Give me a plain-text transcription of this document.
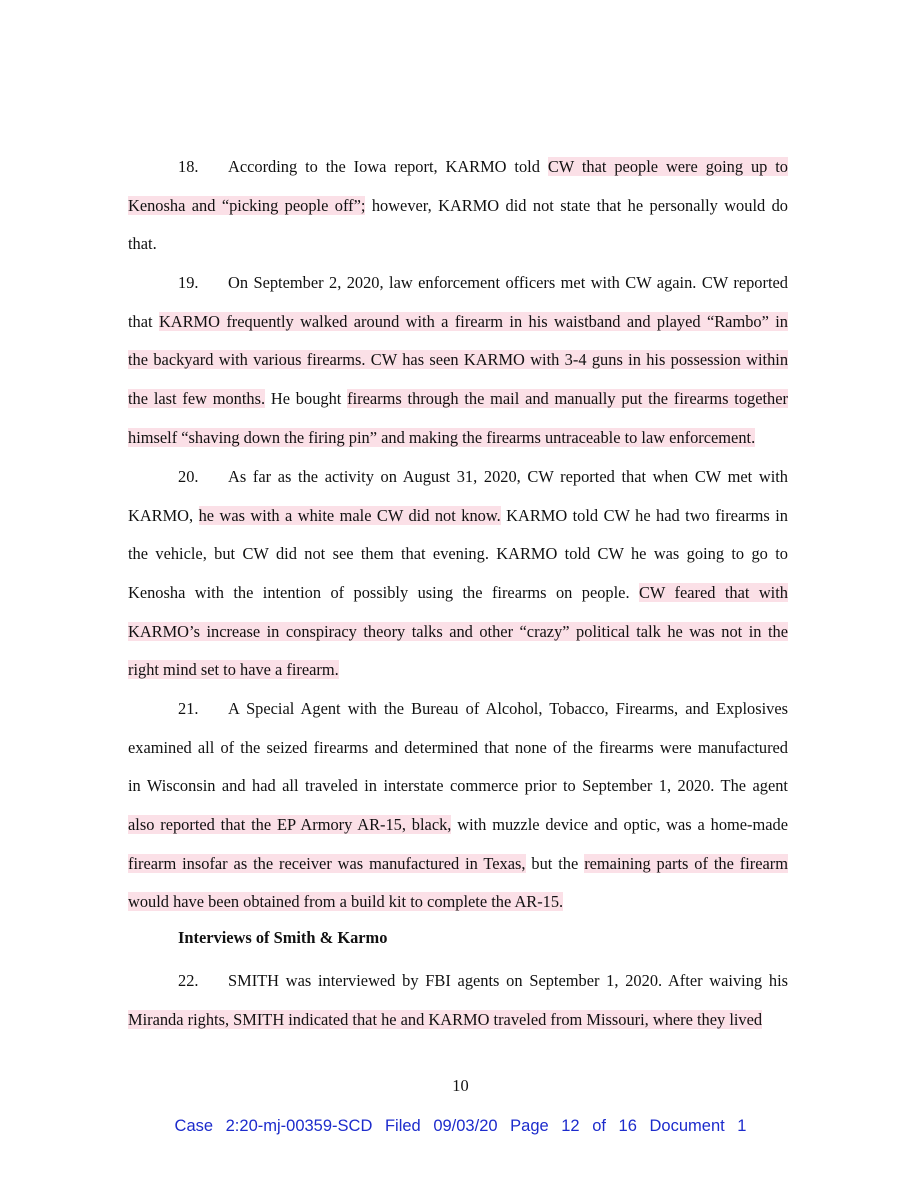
18. According to the Iowa report, KARMO told CW that people were going up to
Kenosha and “picking people off”; however, KARMO did not state that he personally would do
that.
19. On September 2, 2020, law enforcement officers met with CW again. CW reported
that KARMO frequently walked around with a firearm in his waistband and played “Rambo” in
the backyard with various firearms. CW has seen KARMO with 3-4 guns in his possession within
the last few months. He bought firearms through the mail and manually put the firearms together
himself “shaving down the firing pin” and making the firearms untraceable to law enforcement.
20. As far as the activity on August 31, 2020, CW reported that when CW met with
KARMO, he was with a white male CW did not know. KARMO told CW he had two firearms in
the vehicle, but CW did not see them that evening. KARMO told CW he was going to go to
Kenosha with the intention of possibly using the firearms on people. CW feared that with
KARMO’s increase in conspiracy theory talks and other “crazy” political talk he was not in the
right mind set to have a firearm.
21. A Special Agent with the Bureau of Alcohol, Tobacco, Firearms, and Explosives
examined all of the seized firearms and determined that none of the firearms were manufactured
in Wisconsin and had all traveled in interstate commerce prior to September 1, 2020. The agent
also reported that the EP Armory AR-15, black, with muzzle device and optic, was a home-made
firearm insofar as the receiver was manufactured in Texas, but the remaining parts of the firearm
would have been obtained from a build kit to complete the AR-15.
Interviews of Smith & Karmo
22. SMITH was interviewed by FBI agents on September 1, 2020. After waiving his
Miranda rights, SMITH indicated that he and KARMO traveled from Missouri, where they lived
10
Case 2:20-mj-00359-SCD Filed 09/03/20 Page 12 of 16 Document 1
